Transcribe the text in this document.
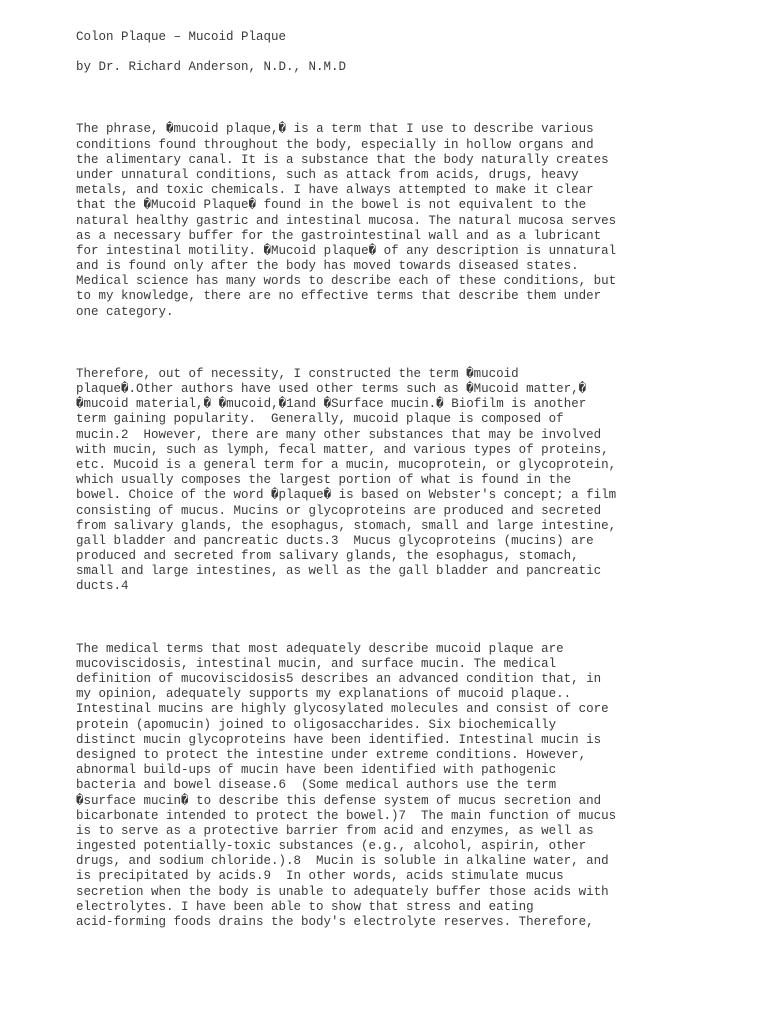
Colon Plaque – Mucoid Plaque
by Dr. Richard Anderson, N.D., N.M.D
The phrase, �mucoid plaque,� is a term that I use to describe various
conditions found throughout the body, especially in hollow organs and
the alimentary canal. It is a substance that the body naturally creates
under unnatural conditions, such as attack from acids, drugs, heavy
metals, and toxic chemicals. I have always attempted to make it clear
that the �Mucoid Plaque� found in the bowel is not equivalent to the
natural healthy gastric and intestinal mucosa. The natural mucosa serves
as a necessary buffer for the gastrointestinal wall and as a lubricant
for intestinal motility. �Mucoid plaque� of any description is unnatural
and is found only after the body has moved towards diseased states.
Medical science has many words to describe each of these conditions, but
to my knowledge, there are no effective terms that describe them under
one category.
Therefore, out of necessity, I constructed the term �mucoid
plaque�.Other authors have used other terms such as �Mucoid matter,�
�mucoid material,� �mucoid,�1and �Surface mucin.� Biofilm is another
term gaining popularity.  Generally, mucoid plaque is composed of
mucin.2  However, there are many other substances that may be involved
with mucin, such as lymph, fecal matter, and various types of proteins,
etc. Mucoid is a general term for a mucin, mucoprotein, or glycoprotein,
which usually composes the largest portion of what is found in the
bowel. Choice of the word �plaque� is based on Webster's concept; a film
consisting of mucus. Mucins or glycoproteins are produced and secreted
from salivary glands, the esophagus, stomach, small and large intestine,
gall bladder and pancreatic ducts.3  Mucus glycoproteins (mucins) are
produced and secreted from salivary glands, the esophagus, stomach,
small and large intestines, as well as the gall bladder and pancreatic
ducts.4
The medical terms that most adequately describe mucoid plaque are
mucoviscidosis, intestinal mucin, and surface mucin. The medical
definition of mucoviscidosis5 describes an advanced condition that, in
my opinion, adequately supports my explanations of mucoid plaque..
Intestinal mucins are highly glycosylated molecules and consist of core
protein (apomucin) joined to oligosaccharides. Six biochemically
distinct mucin glycoproteins have been identified. Intestinal mucin is
designed to protect the intestine under extreme conditions. However,
abnormal build-ups of mucin have been identified with pathogenic
bacteria and bowel disease.6  (Some medical authors use the term
�surface mucin� to describe this defense system of mucus secretion and
bicarbonate intended to protect the bowel.)7  The main function of mucus
is to serve as a protective barrier from acid and enzymes, as well as
ingested potentially-toxic substances (e.g., alcohol, aspirin, other
drugs, and sodium chloride.).8  Mucin is soluble in alkaline water, and
is precipitated by acids.9  In other words, acids stimulate mucus
secretion when the body is unable to adequately buffer those acids with
electrolytes. I have been able to show that stress and eating
acid-forming foods drains the body's electrolyte reserves. Therefore,
